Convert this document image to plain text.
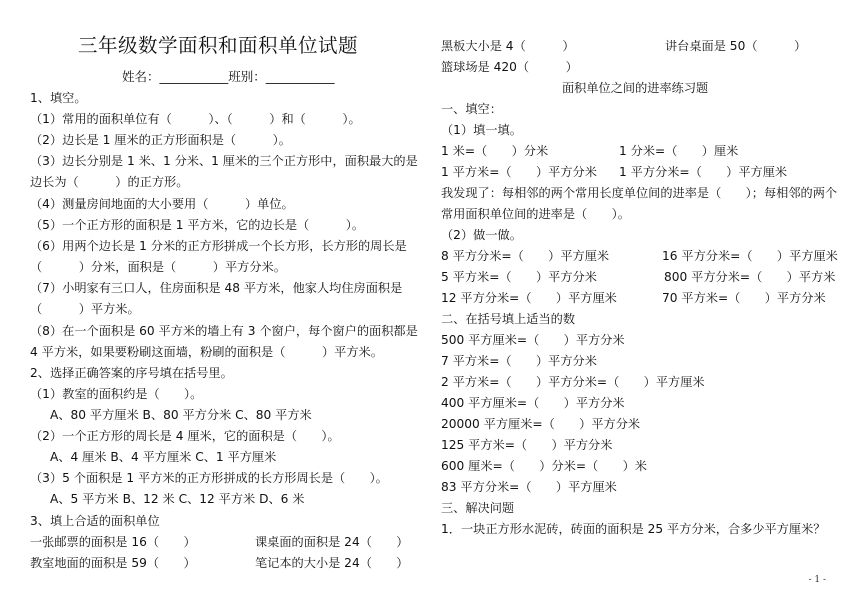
三年级数学面积和面积单位试题
姓名：___________班别：___________
1、填空。
（1）常用的面积单位有（　　　）、（　　　）和（　　　）。
（2）边长是 1 厘米的正方形面积是（　　　）。
（3）边长分别是 1 米、1 分米、1 厘米的三个正方形中，面积最大的是
边长为（　　　）的正方形。
（4）测量房间地面的大小要用（　　　）单位。
（5）一个正方形的面积是 1 平方米，它的边长是（　　　）。
（6）用两个边长是 1 分米的正方形拼成一个长方形，长方形的周长是
（　　　）分米，面积是（　　　）平方分米。
（7）小明家有三口人，住房面积是 48 平方米，他家人均住房面积是
（　　　）平方米。
（8）在一个面积是 60 平方米的墙上有 3 个窗户，每个窗户的面积都是
4 平方米，如果要粉刷这面墙，粉刷的面积是（　　　）平方米。
2、选择正确答案的序号填在括号里。
（1）教室的面积约是（　　）。
A、80 平方厘米 B、80 平方分米 C、80 平方米
（2）一个正方形的周长是 4 厘米，它的面积是（　　）。
A、4 厘米 B、4 平方厘米 C、1 平方厘米
（3）5 个面积是 1 平方米的正方形拼成的长方形周长是（　　）。
A、5 平方米 B、12 米 C、12 平方米 D、6 米
3、填上合适的面积单位
一张邮票的面积是 16（　　）	课桌面的面积是 24（　　）
教室地面的面积是 59（　　）	笔记本的大小是 24（　　）
黑板大小是 4（　　　）	讲台桌面是 50（　　　）
篮球场是 420（　　　）
面积单位之间的进率练习题
一、填空：
（1）填一填。
1 米=（　　）分米	1 分米=（　　）厘米
1 平方米=（　　）平方分米 1 平方分米=（　　）平方厘米
我发现了：每相邻的两个常用长度单位间的进率是（　　）；每相邻的两个
常用面积单位间的进率是（　　）。
（2）做一做。
8 平方分米=（　　）平方厘米	16 平方分米=（　　）平方厘米
5 平方米=（　　）平方分米	800 平方分米=（　　）平方米
12 平方分米=（　　）平方厘米	70 平方米=（　　）平方分米
二、在括号填上适当的数
500 平方厘米=（　　）平方分米
7 平方米=（　　）平方分米
2 平方米=（　　）平方分米=（　　）平方厘米
400 平方厘米=（　　）平方分米
20000 平方厘米=（　　）平方分米
125 平方米=（　　）平方分米
600 厘米=（　　）分米=（　　）米
83 平方分米=（　　）平方厘米
三、解决问题
1．一块正方形水泥砖，砖面的面积是 25 平方分米，合多少平方厘米？
- 1 -
